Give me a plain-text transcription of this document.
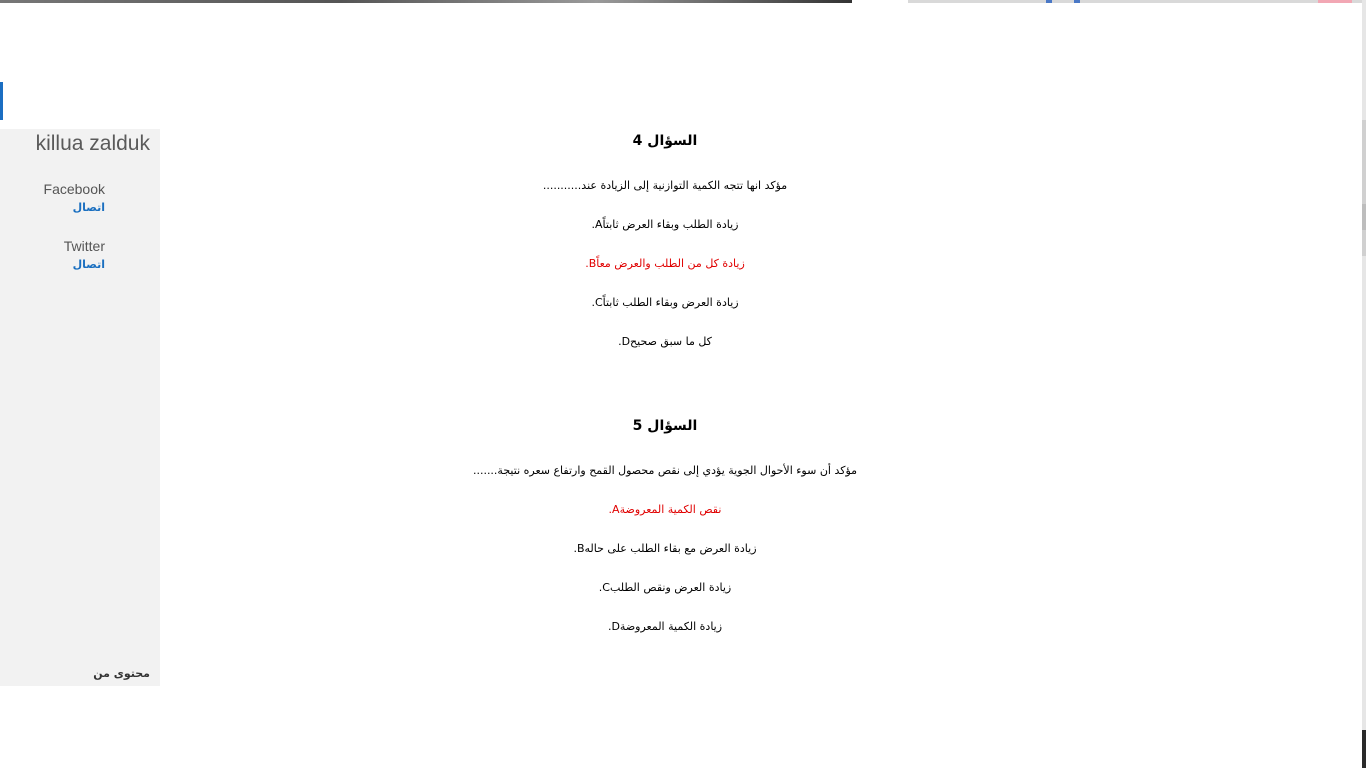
killua zalduk
Facebook
اتصال
Twitter
اتصال
محتوى من
السؤال 4
مؤكد انها تتجه الكمية التوازنية إلى الزيادة عند...........
زيادة الطلب وبقاء العرض ثابتاًA.
زيادة كل من الطلب والعرض معاًB.
زيادة العرض وبقاء الطلب ثابتاًC.
كل ما سبق صحيحD.
السؤال 5
مؤكد أن سوء الأحوال الجوية يؤدي إلى نقص محصول القمح وارتفاع سعره نتيجة.......
نقص الكمية المعروضةA.
زيادة العرض مع بقاء الطلب على حالهB.
زيادة العرض ونقص الطلبC.
زيادة الكمية المعروضةD.
